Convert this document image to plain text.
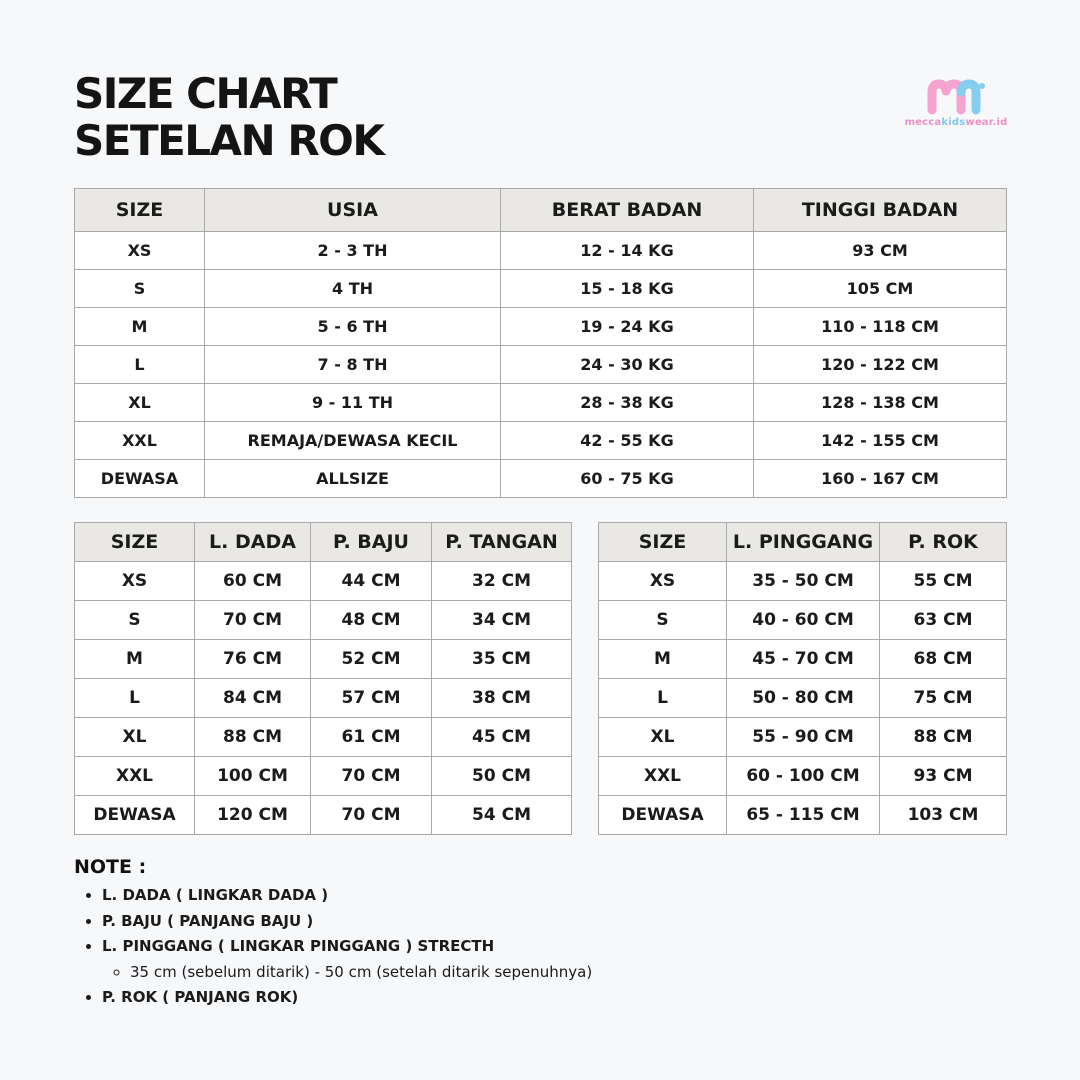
SIZE CHART
SETELAN ROK	meccakidswear.id
SIZE	USIA	BERAT BADAN	TINGGI BADAN
XS	2 - 3 TH	12 - 14 KG	93 CM
S	4 TH	15 - 18 KG	105 CM
M	5 - 6 TH	19 - 24 KG	110 - 118 CM
L	7 - 8 TH	24 - 30 KG	120 - 122 CM
XL	9 - 11 TH	28 - 38 KG	128 - 138 CM
XXL	REMAJA/DEWASA KECIL	42 - 55 KG	142 - 155 CM
DEWASA	ALLSIZE	60 - 75 KG	160 - 167 CM
SIZE	L. DADA	P. BAJU	P. TANGAN
XS	60 CM	44 CM	32 CM
S	70 CM	48 CM	34 CM
M	76 CM	52 CM	35 CM
L	84 CM	57 CM	38 CM
XL	88 CM	61 CM	45 CM
XXL	100 CM	70 CM	50 CM
DEWASA	120 CM	70 CM	54 CM
SIZE	L. PINGGANG	P. ROK
XS	35 - 50 CM	55 CM
S	40 - 60 CM	63 CM
M	45 - 70 CM	68 CM
L	50 - 80 CM	75 CM
XL	55 - 90 CM	88 CM
XXL	60 - 100 CM	93 CM
DEWASA	65 - 115 CM	103 CM
NOTE :
• L. DADA ( LINGKAR DADA )
• P. BAJU ( PANJANG BAJU )
• L. PINGGANG ( LINGKAR PINGGANG ) STRECTH
◦ 35 cm (sebelum ditarik) - 50 cm (setelah ditarik sepenuhnya)
• P. ROK ( PANJANG ROK)
